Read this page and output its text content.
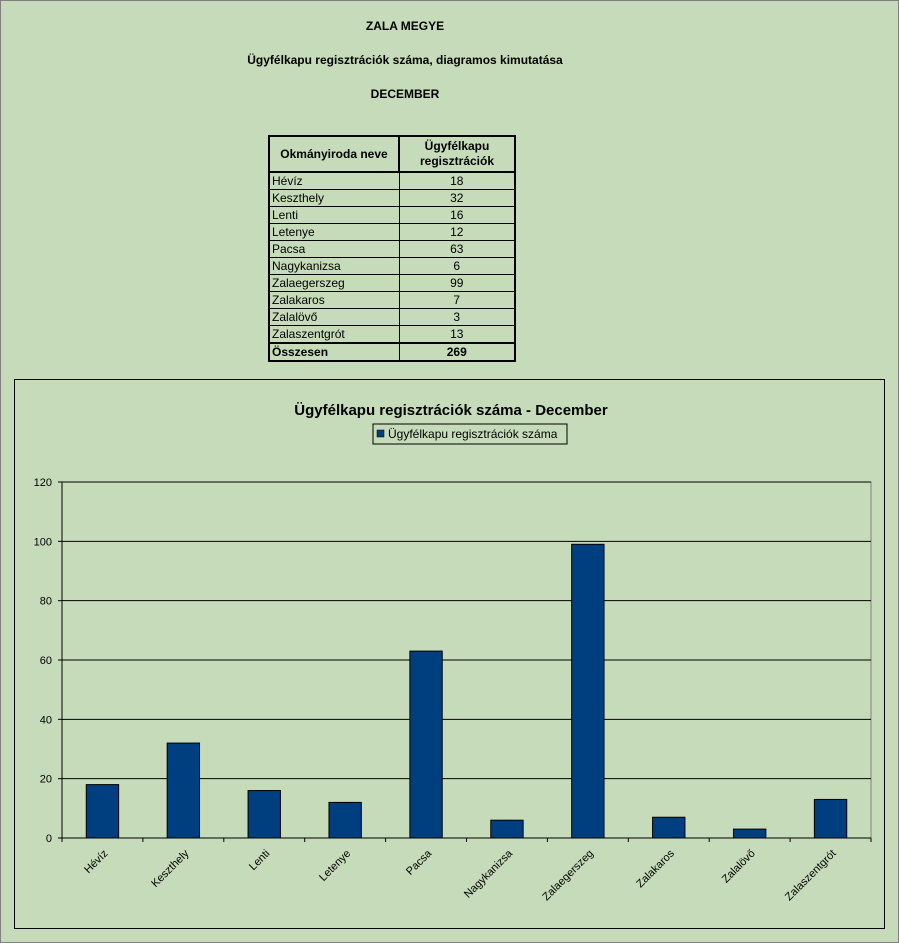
ZALA MEGYE
Ügyfélkapu regisztrációk száma, diagramos kimutatása
DECEMBER
Okmányiroda neve	Ügyfélkapu
regisztrációk
Hévíz	18
Keszthely	32
Lenti	16
Letenye	12
Pacsa	63
Nagykanizsa	6
Zalaegerszeg	99
Zalakaros	7
Zalalövő	3
Zalaszentgrót	13
Összesen	269
Ügyfélkapu regisztrációk száma - December
Ügyfélkapu regisztrációk száma
0
20
40
60
80
100
120
Hévíz	Keszthely	Lenti	Letenye	Pacsa	Nagykanizsa Zalaegerszeg	Zalakaros	Zalalövő Zalaszentgrót
